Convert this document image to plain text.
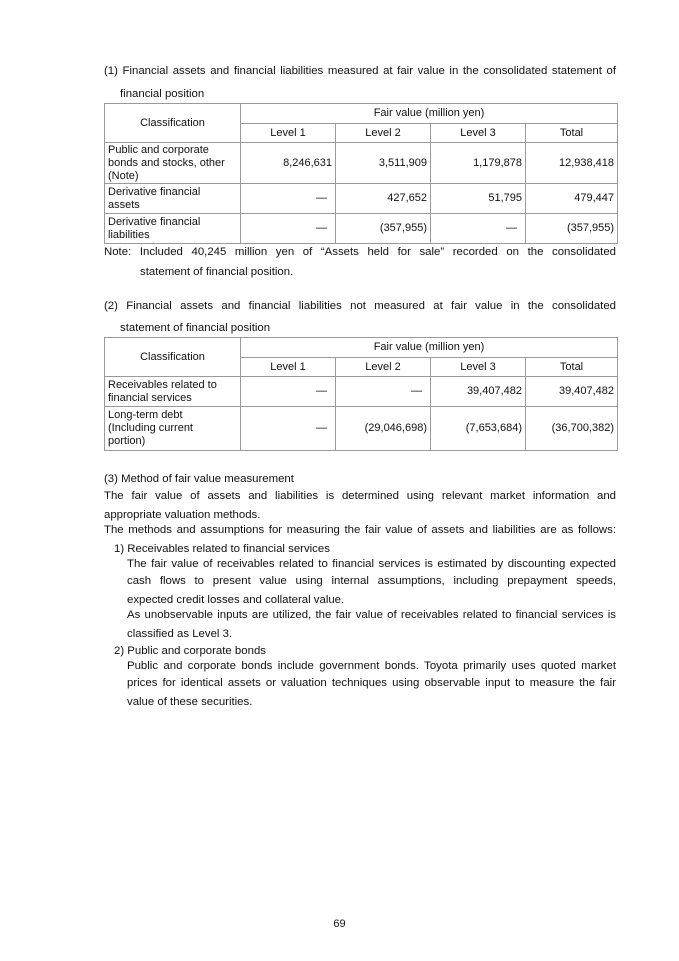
(1) Financial assets and financial liabilities measured at fair value in the consolidated statement of
financial position
Classification	Fair value (million yen)			
	Level 1	Level 2	Level 3	Total

Public and corporate
bonds and stocks, other
(Note)	8,246,631	3,511,909	1,179,878	12,938,418

Derivative financial
assets	—	427,652	51,795	479,447

Derivative financial
liabilities	—	(357,955)	—	(357,955)
Note: Included 40,245 million yen of “Assets held for sale” recorded on the consolidated
statement of financial position.
(2) Financial assets and financial liabilities not measured at fair value in the consolidated
statement of financial position
Classification	Fair value (million yen)			
	Level 1	Level 2	Level 3	Total

Receivables related to
financial services	—	—	39,407,482	39,407,482

Long-term debt
(Including current
portion)	—	(29,046,698)	(7,653,684)	(36,700,382)
(3) Method of fair value measurement
The fair value of assets and liabilities is determined using relevant market information and
appropriate valuation methods.
The methods and assumptions for measuring the fair value of assets and liabilities are as follows:
1) Receivables related to financial services
The fair value of receivables related to financial services is estimated by discounting expected
cash flows to present value using internal assumptions, including prepayment speeds,
expected credit losses and collateral value.
As unobservable inputs are utilized, the fair value of receivables related to financial services is
classified as Level 3.
2) Public and corporate bonds
Public and corporate bonds include government bonds. Toyota primarily uses quoted market
prices for identical assets or valuation techniques using observable input to measure the fair
value of these securities.
69
